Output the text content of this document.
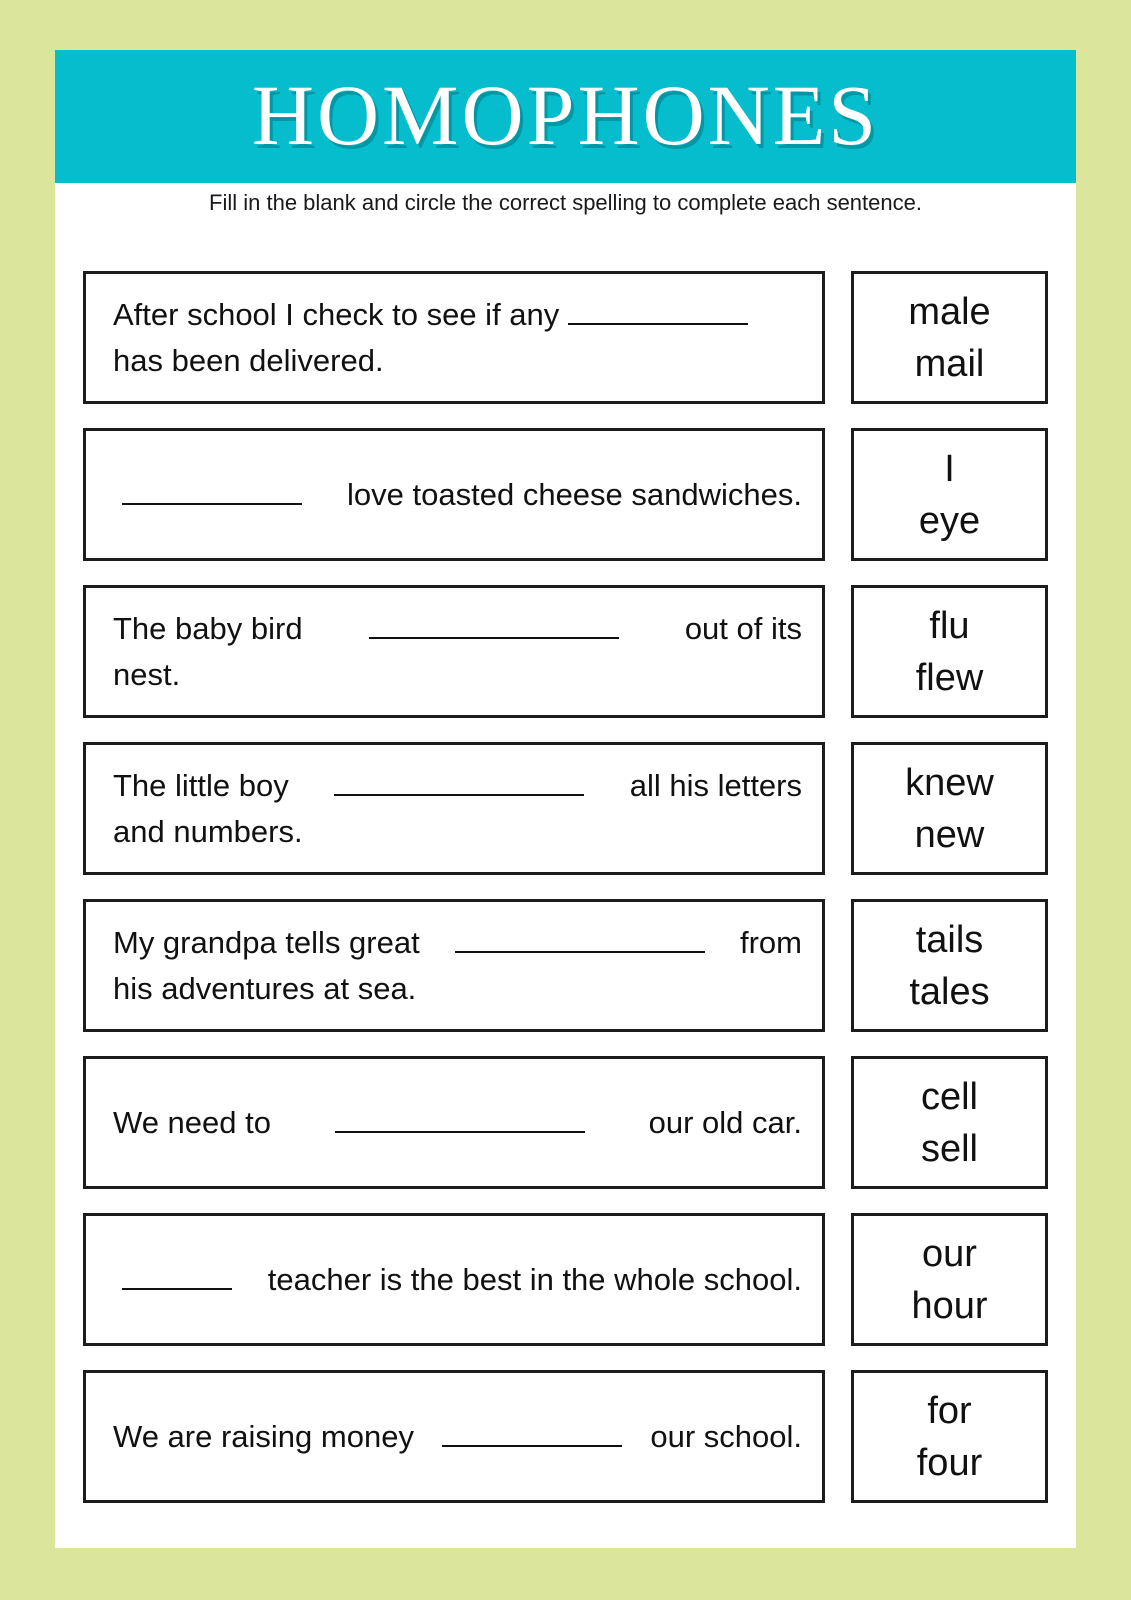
HOMOPHONES
Fill in the blank and circle the correct spelling to complete each sentence.
After school I check to see if any
has been delivered.
male
mail
love toasted cheese sandwiches.
I
eye
The baby bird	out of its
nest.
flu
flew
The little boy	all his letters
and numbers.
knew
new
My grandpa tells great	from
his adventures at sea.
tails
tales
We need to	our old car.
cell
sell
teacher is the best in the whole school.
our
hour
We are raising money	our school.
for
four
